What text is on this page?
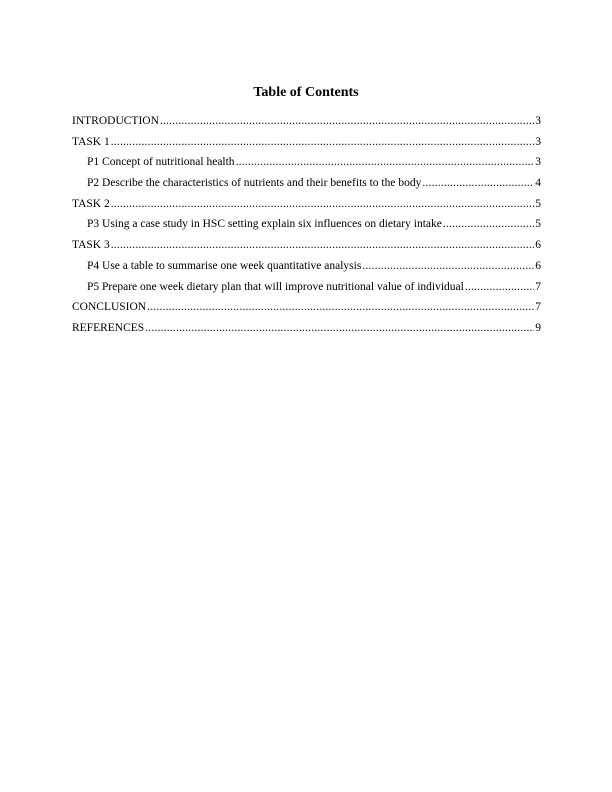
Table of Contents
INTRODUCTION .....	3
TASK 1 .....	3
P1 Concept of nutritional health .....	3
P2 Describe the characteristics of nutrients and their benefits to the body .....	4
TASK 2 .....	5
P3 Using a case study in HSC setting explain six influences on dietary intake .....	5
TASK 3 .....	6
P4 Use a table to summarise one week quantitative analysis .....	6
P5 Prepare one week dietary plan that will improve nutritional value of individual .....	7
CONCLUSION .....	7
REFERENCES .....	9
